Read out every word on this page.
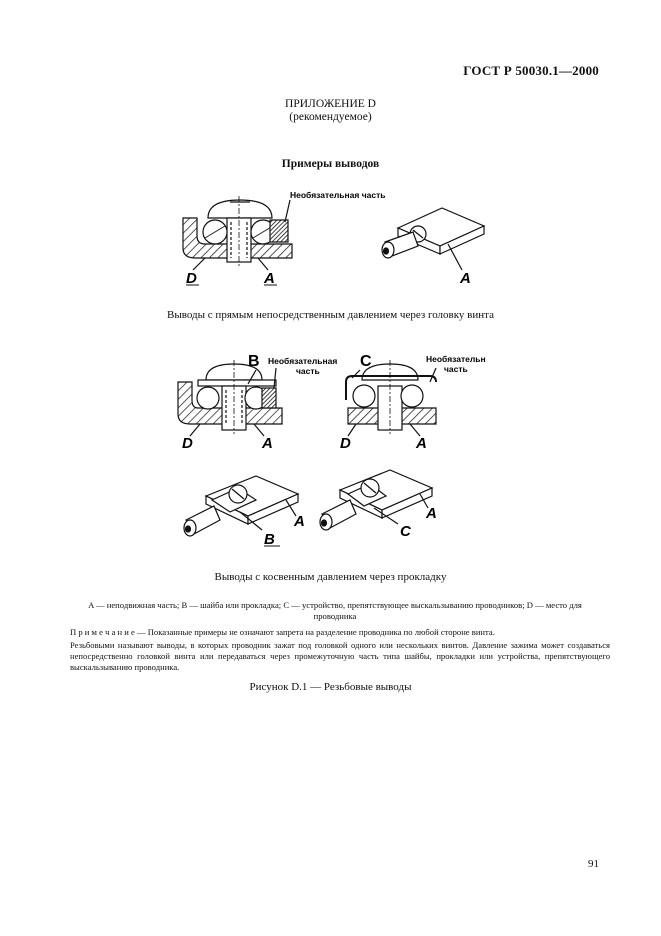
ГОСТ Р 50030.1—2000
ПРИЛОЖЕНИЕ D
(рекомендуемое)
Примеры выводов
Необязательная часть
D	A	A
B Необязательная
часть
D	A
C	Необязательн
часть
D	A
A
B
A
C
Выводы с прямым непосредственным давлением через головку винта
Выводы с косвенным давлением через прокладку
A — неподвижная часть; B — шайба или прокладка; C — устройство, препятствующее выскальзыванию проводников; D — место для проводника
П р и м е ч а н и е — Показанные примеры не означают запрета на разделение проводника по любой стороне винта.
Резьбовыми называют выводы, в которых проводник зажат под головкой одного или нескольких винтов. Давление зажима может создаваться непосредственно головкой винта или передаваться через промежуточную часть типа шайбы, прокладки или устройства, препятствующего выскальзыванию проводника.
Рисунок D.1 — Резьбовые выводы
91
